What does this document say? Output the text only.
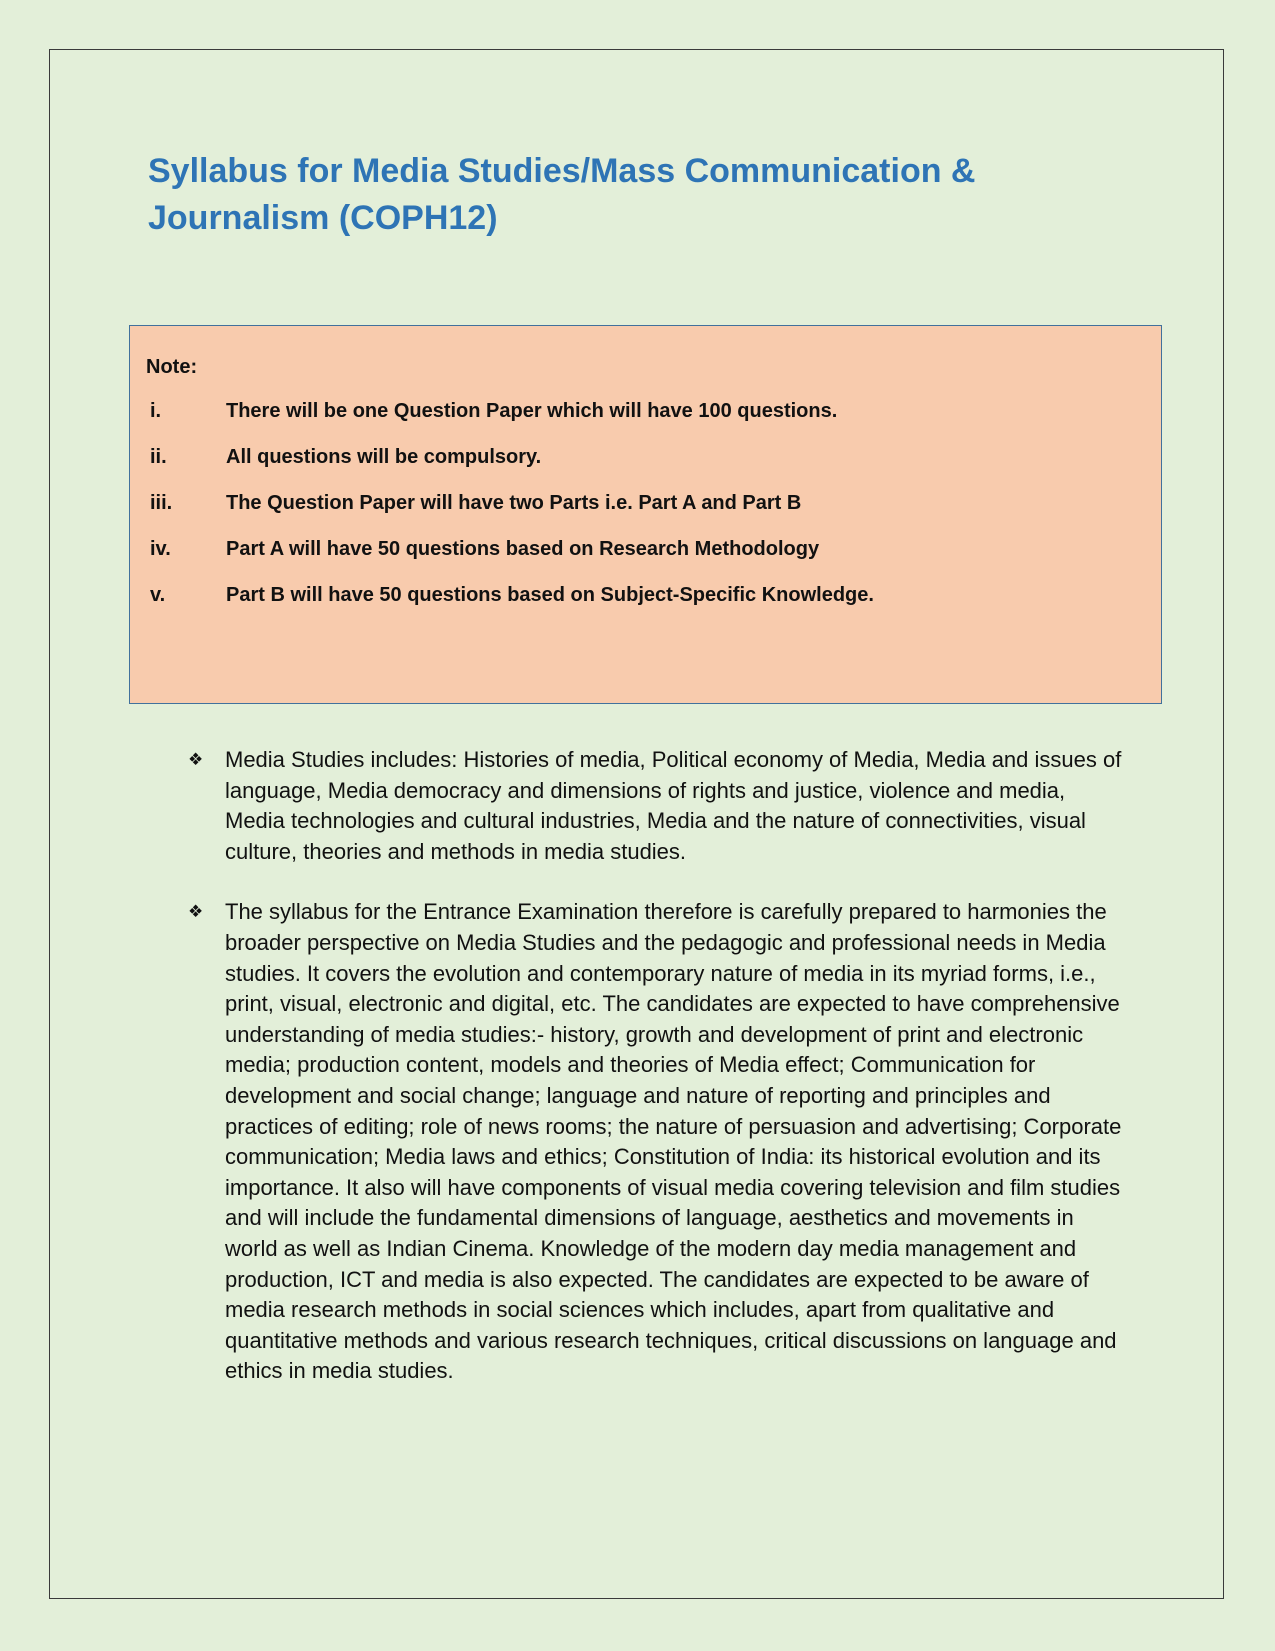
Syllabus for Media Studies/Mass Communication & Journalism (COPH12)
Note:
i.	There will be one Question Paper which will have 100 questions.
ii.	All questions will be compulsory.
iii.	The Question Paper will have two Parts i.e. Part A and Part B
iv.	Part A will have 50 questions based on Research Methodology
v.	Part B will have 50 questions based on Subject-Specific Knowledge.
❖ Media Studies includes: Histories of media, Political economy of Media, Media and issues of language, Media democracy and dimensions of rights and justice, violence and media, Media technologies and cultural industries, Media and the nature of connectivities, visual culture, theories and methods in media studies.
❖ The syllabus for the Entrance Examination therefore is carefully prepared to harmonies the broader perspective on Media Studies and the pedagogic and professional needs in Media studies. It covers the evolution and contemporary nature of media in its myriad forms, i.e., print, visual, electronic and digital, etc. The candidates are expected to have comprehensive understanding of media studies:- history, growth and development of print and electronic media; production content, models and theories of Media effect; Communication for development and social change; language and nature of reporting and principles and practices of editing; role of news rooms; the nature of persuasion and advertising; Corporate communication; Media laws and ethics; Constitution of India: its historical evolution and its importance. It also will have components of visual media covering television and film studies and will include the fundamental dimensions of language, aesthetics and movements in world as well as Indian Cinema. Knowledge of the modern day media management and production, ICT and media is also expected. The candidates are expected to be aware of media research methods in social sciences which includes, apart from qualitative and quantitative methods and various research techniques, critical discussions on language and ethics in media studies.
